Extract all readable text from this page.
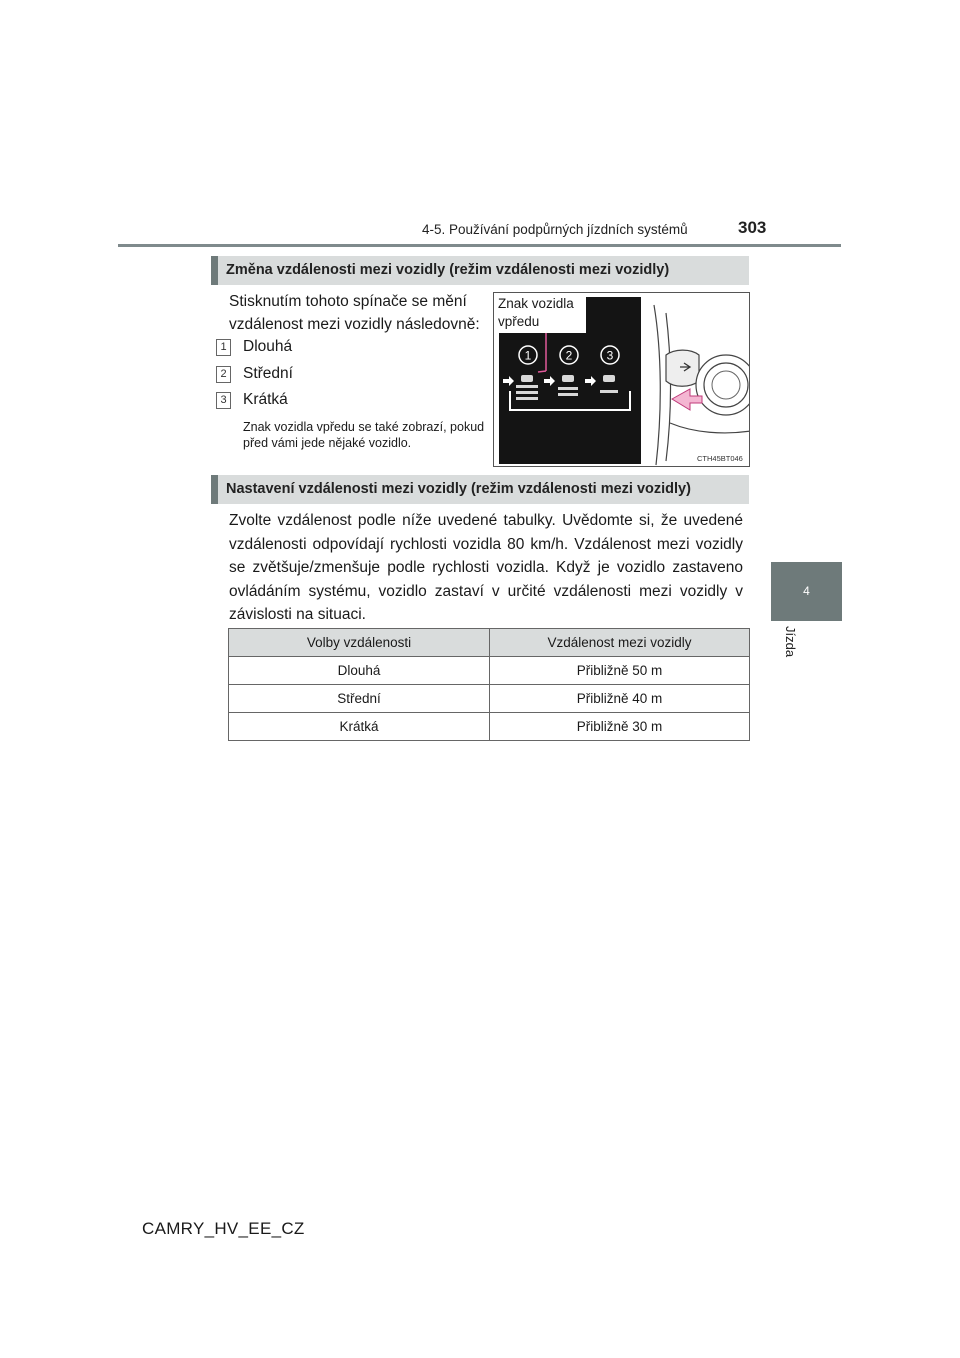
4-5. Používání podpůrných jízdních systémů	303
4
Jízda
Změna vzdálenosti mezi vozidly (režim vzdálenosti mezi vozidly)
Stisknutím tohoto spínače se mění
vzdálenost mezi vozidly následovně:
1 Dlouhá
2 Střední
3 Krátká
Znak vozidla vpředu se také zobrazí, pokud před vámi jede nějaké vozidlo.
1	2	3
Znak vozidla vpředu
CTH45BT046
Nastavení vzdálenosti mezi vozidly (režim vzdálenosti mezi vozidly)
Zvolte vzdálenost podle níže uvedené tabulky. Uvědomte si, že uvedené vzdálenosti odpovídají rychlosti vozidla 80 km/h. Vzdálenost mezi vozidly se zvětšuje/zmenšuje podle rychlosti vozidla. Když je vozidlo zastaveno ovládáním systému, vozidlo zastaví v určité vzdálenosti mezi vozidly v závislosti na situaci.
Volby vzdálenosti	Vzdálenost mezi vozidly
Dlouhá	Přibližně 50 m
Střední	Přibližně 40 m
Krátká	Přibližně 30 m
CAMRY_HV_EE_CZ
